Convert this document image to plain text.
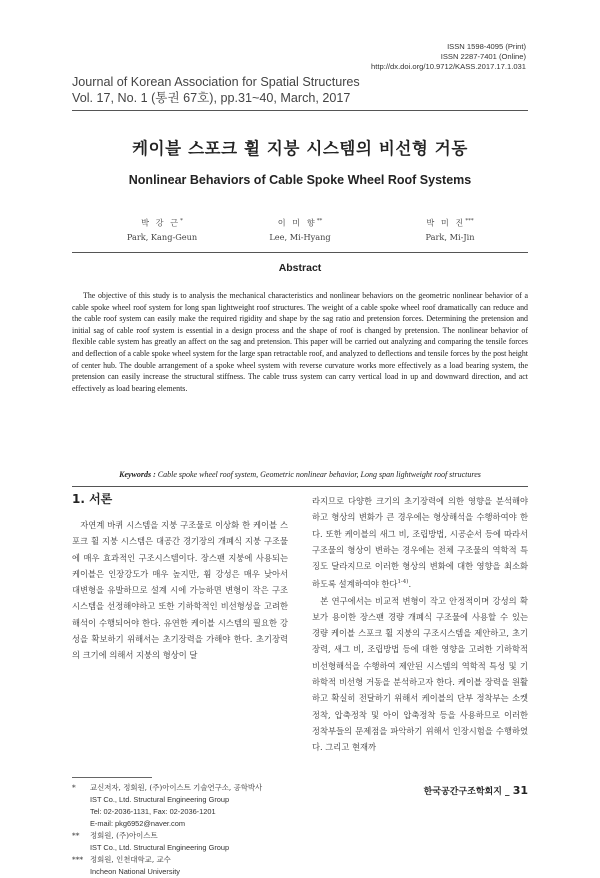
ISSN 1598-4095 (Print)
ISSN 2287-7401 (Online)
http://dx.doi.org/10.9712/KASS.2017.17.1.031
Journal of Korean Association for Spatial Structures
Vol. 17, No. 1 (통권 67호), pp.31~40, March, 2017
케이블 스포크 휠 지붕 시스템의 비선형 거동
Nonlinear Behaviors of Cable Spoke Wheel Roof Systems
박 강 근*
Park, Kang-Geun
이 미 향**
Lee, Mi-Hyang
박 미 진***
Park, Mi-Jin
Abstract
The objective of this study is to analysis the mechanical characteristics and nonlinear behaviors on the geometric nonlinear behavior of a cable spoke wheel roof system for long span lightweight roof structures. The weight of a cable spoke wheel roof dramatically can reduce and the cable roof system can easily make the required rigidity and shape by the sag ratio and pretension forces. Determining the pretension and initial sag of cable roof system is essential in a design process and the shape of roof is changed by pretension. The nonlinear behavior of flexible cable system has greatly an affect on the sag and pretension. This paper will be carried out analyzing and comparing the tensile forces and deflection of a cable spoke wheel system for the large span retractable roof, and analyzed to deflections and tensile forces by the post height of center hub. The double arrangement of a spoke wheel system with reverse curvature works more effectively as a load bearing system, the pretension can easily increase the structural stiffness. The cable truss system can carry vertical load in up and downward direction, and act effectively as load bearing elements.
Keywords : Cable spoke wheel roof system, Geometric nonlinear behavior, Long span lightweight roof structures
1. 서론

자연계 바퀴 시스템을 지붕 구조물로 이상화 한 케이블 스포크 휠 지붕 시스템은 대공간 경기장의 개폐식 지붕 구조물에 매우 효과적인 구조시스템이다. 장스팬 지붕에 사용되는 케이블은 인장강도가 매우 높지만, 휨 강성은 매우 낮아서 대변형을 유발하므로 설계 시에 가능하면 변형이 작은 구조시스템을 선정해야하고 또한 기하학적인 비선형성을 고려한 해석이 수행되어야 한다. 유연한 케이블 시스템의 필요한 강성을 확보하기 위해서는 초기장력을 가해야 한다. 초기장력의 크기에 의해서 지붕의 형상이 달

라지므로 다양한 크기의 초기장력에 의한 영향을 분석해야하고 형상의 변화가 큰 경우에는 형상해석을 수행하여야 한다. 또한 케이블의 새그 비, 조립방법, 시공순서 등에 따라서 구조물의 형상이 변하는 경우에는 전체 구조물의 역학적 특징도 달라지므로 이러한 형상의 변화에 대한 영향을 최소화하도록 설계하여야 한다$^{1-4)}$.

본 연구에서는 비교적 변형이 작고 안정적이며 강성의 확보가 용이한 장스팬 경량 개폐식 구조물에 사용할 수 있는 경량 케이블 스포크 휠 지붕의 구조시스템을 제안하고, 초기장력, 새그 비, 조립방법 등에 대한 영향을 고려한 기하학적 비선형해석을 수행하여 제안된 시스템의 역학적 특성 및 기하학적 비선형 거동을 분석하고자 한다. 케이블 장력을 원활하고 확실히 전달하기 위해서 케이블의 단부 정착부는 소켓정착, 압축정착 및 아이 압축정착 등을 사용하므로 이러한 정착부들의 문제점을 파악하기 위해서 인장시험을 수행하였다. 그리고 현재까

*	교신저자, 정회원, (주)아이스트 기술연구소, 공학박사
IST Co., Ltd. Structural Engineering Group
Tel: 02-2036-1131, Fax: 02-2036-1201
E-mail: pkg6952@naver.com
**	정회원, (주)아이스트
IST Co., Ltd. Structural Engineering Group
*** 정회원, 인천대학교, 교수
Incheon National University
한국공간구조학회지 _ 31
